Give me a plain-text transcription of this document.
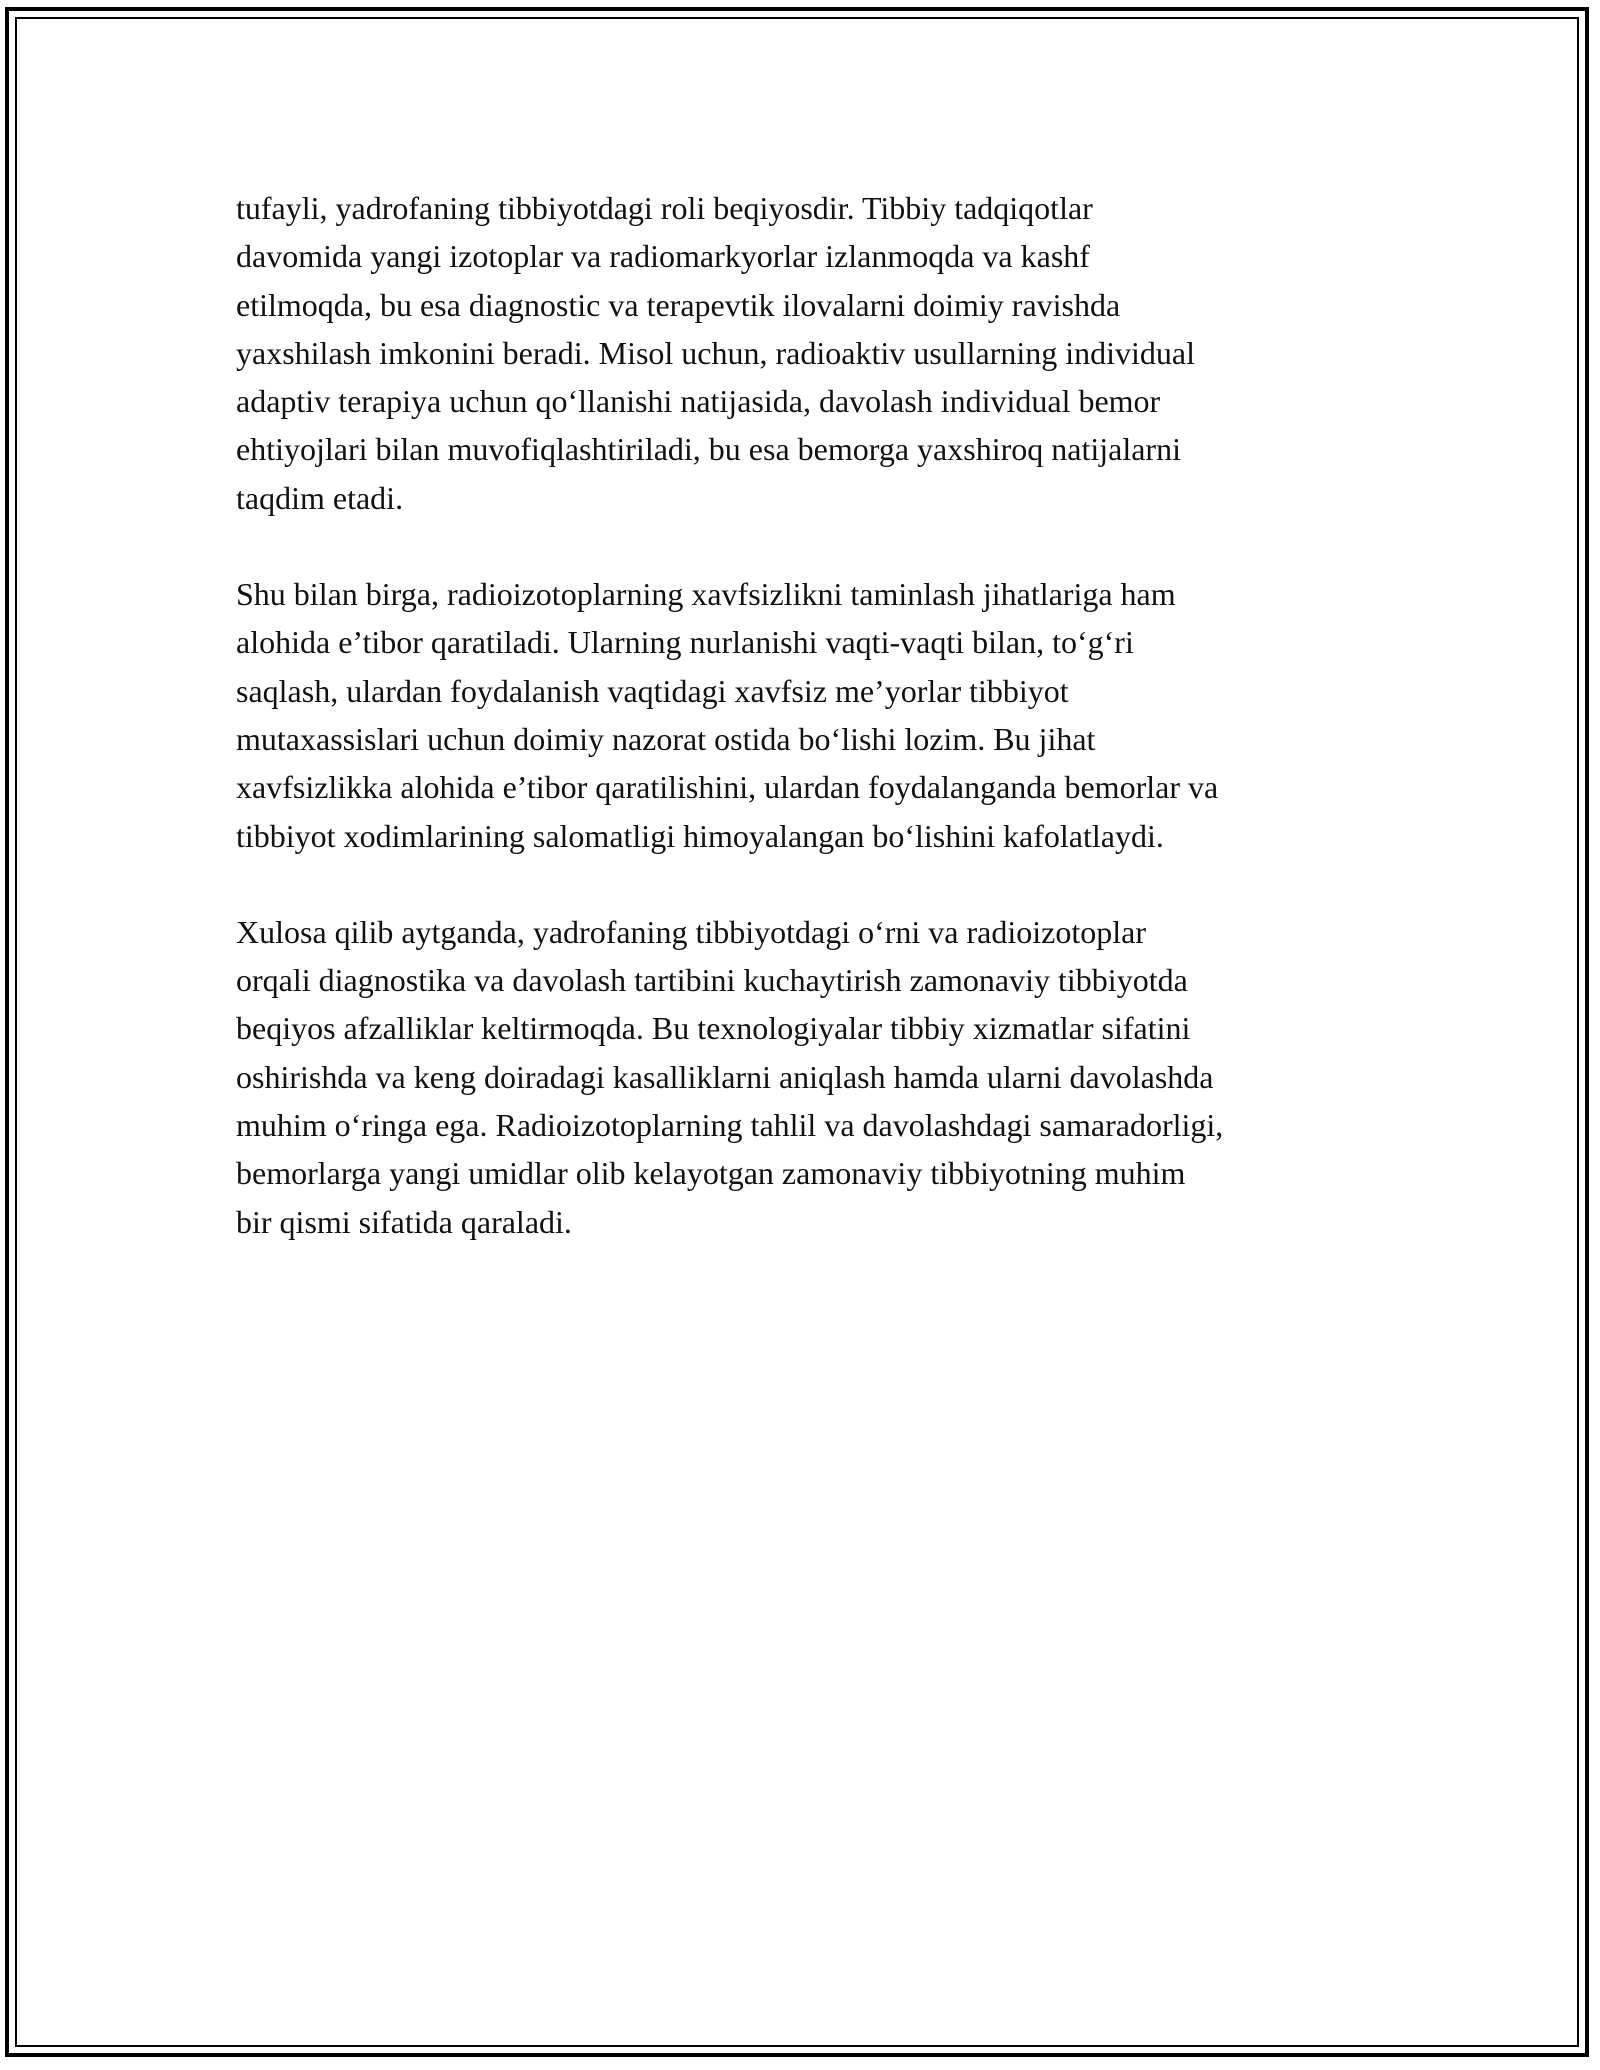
tufayli, yadrofaning tibbiyotdagi roli beqiyosdir. Tibbiy tadqiqotlar
davomida yangi izotoplar va radiomarkyorlar izlanmoqda va kashf
etilmoqda, bu esa diagnostic va terapevtik ilovalarni doimiy ravishda
yaxshilash imkonini beradi. Misol uchun, radioaktiv usullarning individual
adaptiv terapiya uchun qo‘llanishi natijasida, davolash individual bemor
ehtiyojlari bilan muvofiqlashtiriladi, bu esa bemorga yaxshiroq natijalarni
taqdim etadi.

Shu bilan birga, radioizotoplarning xavfsizlikni taminlash jihatlariga ham
alohida e’tibor qaratiladi. Ularning nurlanishi vaqti-vaqti bilan, to‘g‘ri
saqlash, ulardan foydalanish vaqtidagi xavfsiz me’yorlar tibbiyot
mutaxassislari uchun doimiy nazorat ostida bo‘lishi lozim. Bu jihat
xavfsizlikka alohida e’tibor qaratilishini, ulardan foydalanganda bemorlar va
tibbiyot xodimlarining salomatligi himoyalangan bo‘lishini kafolatlaydi.

Xulosa qilib aytganda, yadrofaning tibbiyotdagi o‘rni va radioizotoplar
orqali diagnostika va davolash tartibini kuchaytirish zamonaviy tibbiyotda
beqiyos afzalliklar keltirmoqda. Bu texnologiyalar tibbiy xizmatlar sifatini
oshirishda va keng doiradagi kasalliklarni aniqlash hamda ularni davolashda
muhim o‘ringa ega. Radioizotoplarning tahlil va davolashdagi samaradorligi,
bemorlarga yangi umidlar olib kelayotgan zamonaviy tibbiyotning muhim
bir qismi sifatida qaraladi.
